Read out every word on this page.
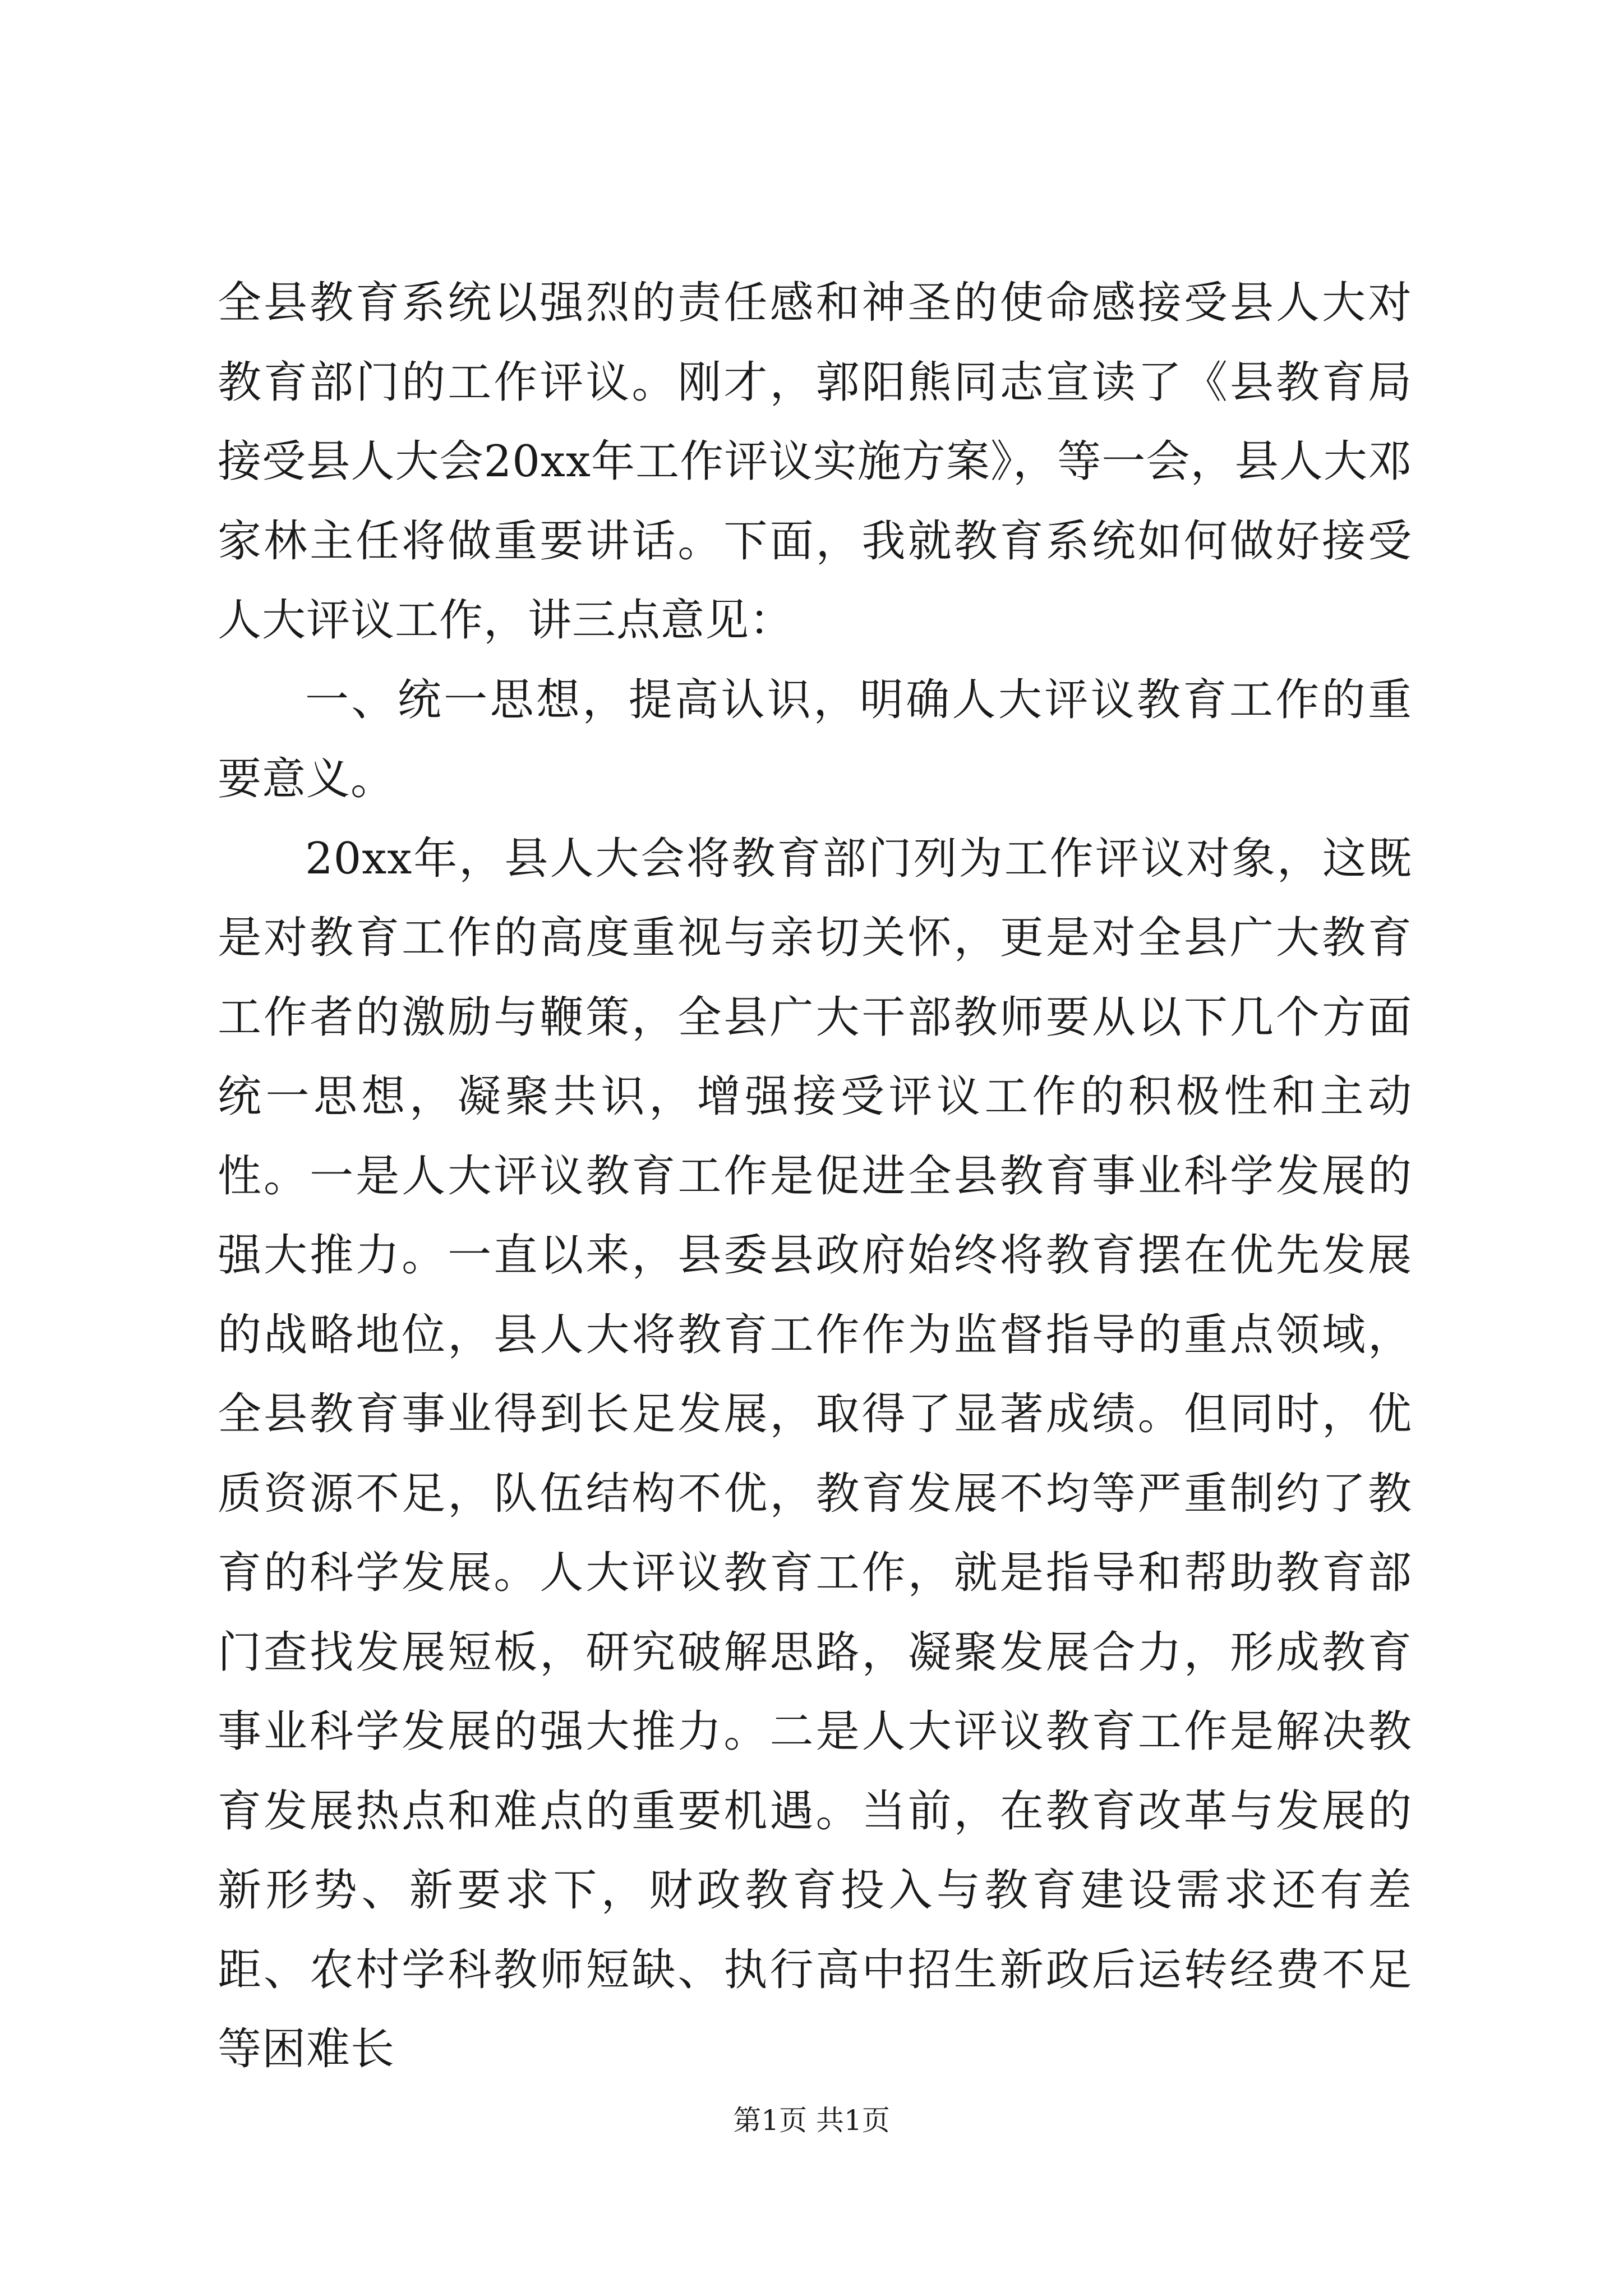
全县教育系统以强烈的责任感和神圣的使命感接受县人大对教育部门的工作评议。刚才，郭阳熊同志宣读了《县教育局接受县人大会20xx年工作评议实施方案》，等一会，县人大邓家林主任将做重要讲话。下面，我就教育系统如何做好接受人大评议工作，讲三点意见：

一、统一思想，提高认识，明确人大评议教育工作的重要意义。

20xx年，县人大会将教育部门列为工作评议对象，这既是对教育工作的高度重视与亲切关怀，更是对全县广大教育工作者的激励与鞭策，全县广大干部教师要从以下几个方面统一思想，凝聚共识，增强接受评议工作的积极性和主动性。一是人大评议教育工作是促进全县教育事业科学发展的强大推力。一直以来，县委县政府始终将教育摆在优先发展的战略地位，县人大将教育工作作为监督指导的重点领域，全县教育事业得到长足发展，取得了显著成绩。但同时，优质资源不足，队伍结构不优，教育发展不均等严重制约了教育的科学发展。人大评议教育工作，就是指导和帮助教育部门查找发展短板，研究破解思路，凝聚发展合力，形成教育事业科学发展的强大推力。二是人大评议教育工作是解决教育发展热点和难点的重要机遇。当前，在教育改革与发展的新形势、新要求下，财政教育投入与教育建设需求还有差距、农村学科教师短缺、执行高中招生新政后运转经费不足等困难长

第1页 共1页
